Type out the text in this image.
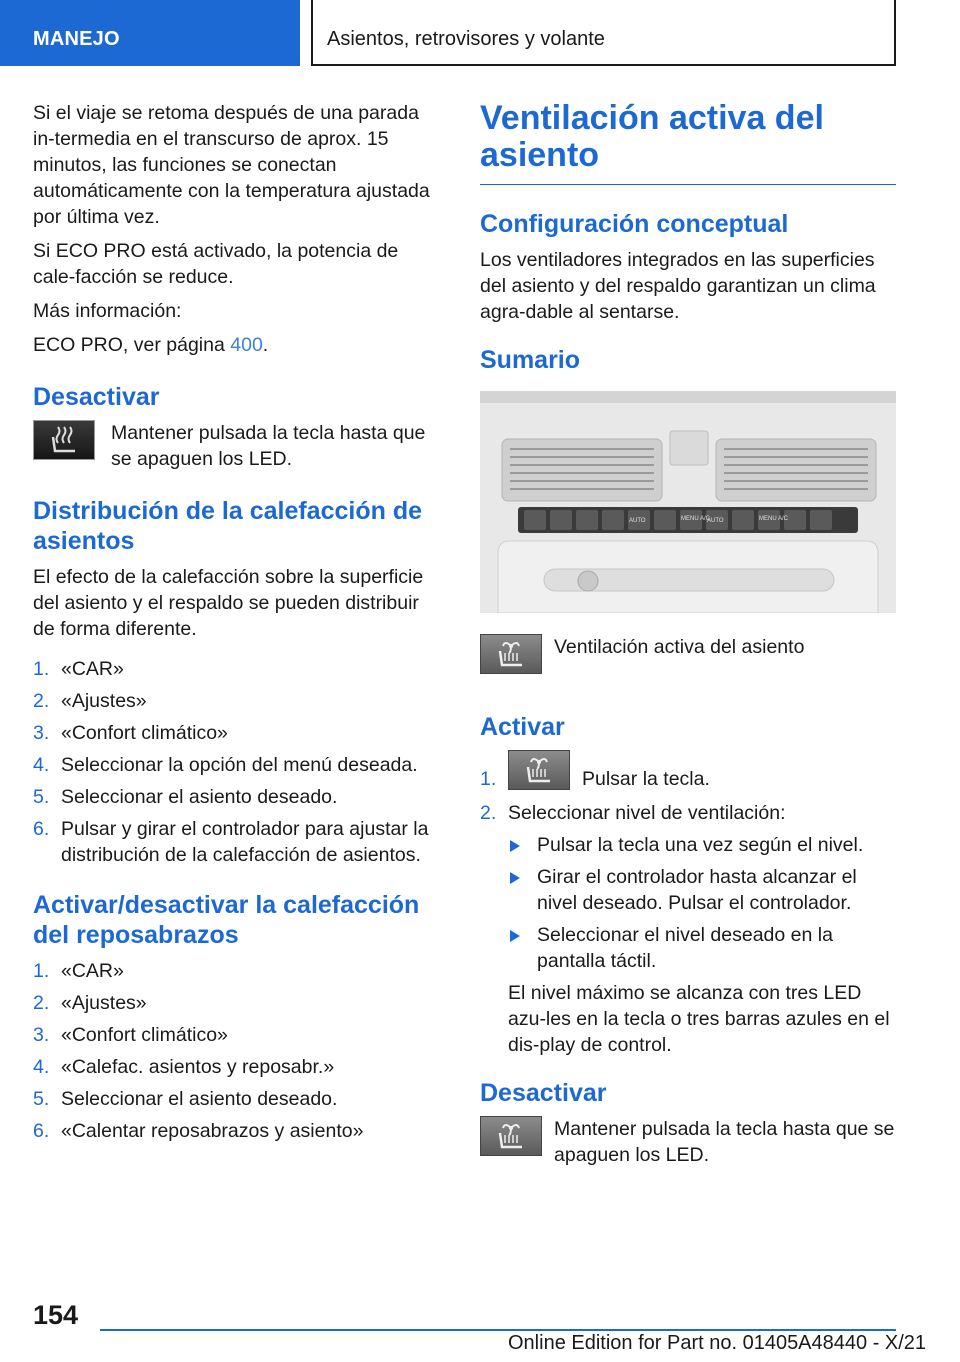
MANEJO	Asientos, retrovisores y volante

Si el viaje se retoma después de una parada in-termedia en el transcurso de aprox. 15 minutos, las funciones se conectan automáticamente con la temperatura ajustada por última vez.

Si ECO PRO está activado, la potencia de cale-facción se reduce.

Más información:

ECO PRO, ver página 400.

Desactivar
Mantener pulsada la tecla hasta que se apaguen los LED.
Distribución de la calefacción de asientos

El efecto de la calefacción sobre la superficie del asiento y el respaldo se pueden distribuir de forma diferente.

1. «CAR»
2. «Ajustes»
3. «Confort climático»
4. Seleccionar la opción del menú deseada.
5. Seleccionar el asiento deseado.
6. Pulsar y girar el controlador para ajustar la distribución de la calefacción de asientos.
Activar/desactivar la calefacción del reposabrazos
1. «CAR»
2. «Ajustes»
3. «Confort climático»
4. «Calefac. asientos y reposabr.»
5. Seleccionar el asiento deseado.
6. «Calentar reposabrazos y asiento»
Ventilación activa del asiento
Configuración conceptual

Los ventiladores integrados en las superficies del asiento y del respaldo garantizan un clima agra-dable al sentarse.

Sumario
AUTO	MENU A/C
AUTO	MENU A/C
Ventilación activa del asiento
Activar
1.	Pulsar la tecla.
2. Seleccionar nivel de ventilación:
Pulsar la tecla una vez según el nivel.
Girar el controlador hasta alcanzar el nivel deseado. Pulsar el controlador.
Seleccionar el nivel deseado en la pantalla táctil.

El nivel máximo se alcanza con tres LED azu-les en la tecla o tres barras azules en el dis-play de control.

Desactivar
Mantener pulsada la tecla hasta que se apaguen los LED.
154
Online Edition for Part no. 01405A48440 - X/21
